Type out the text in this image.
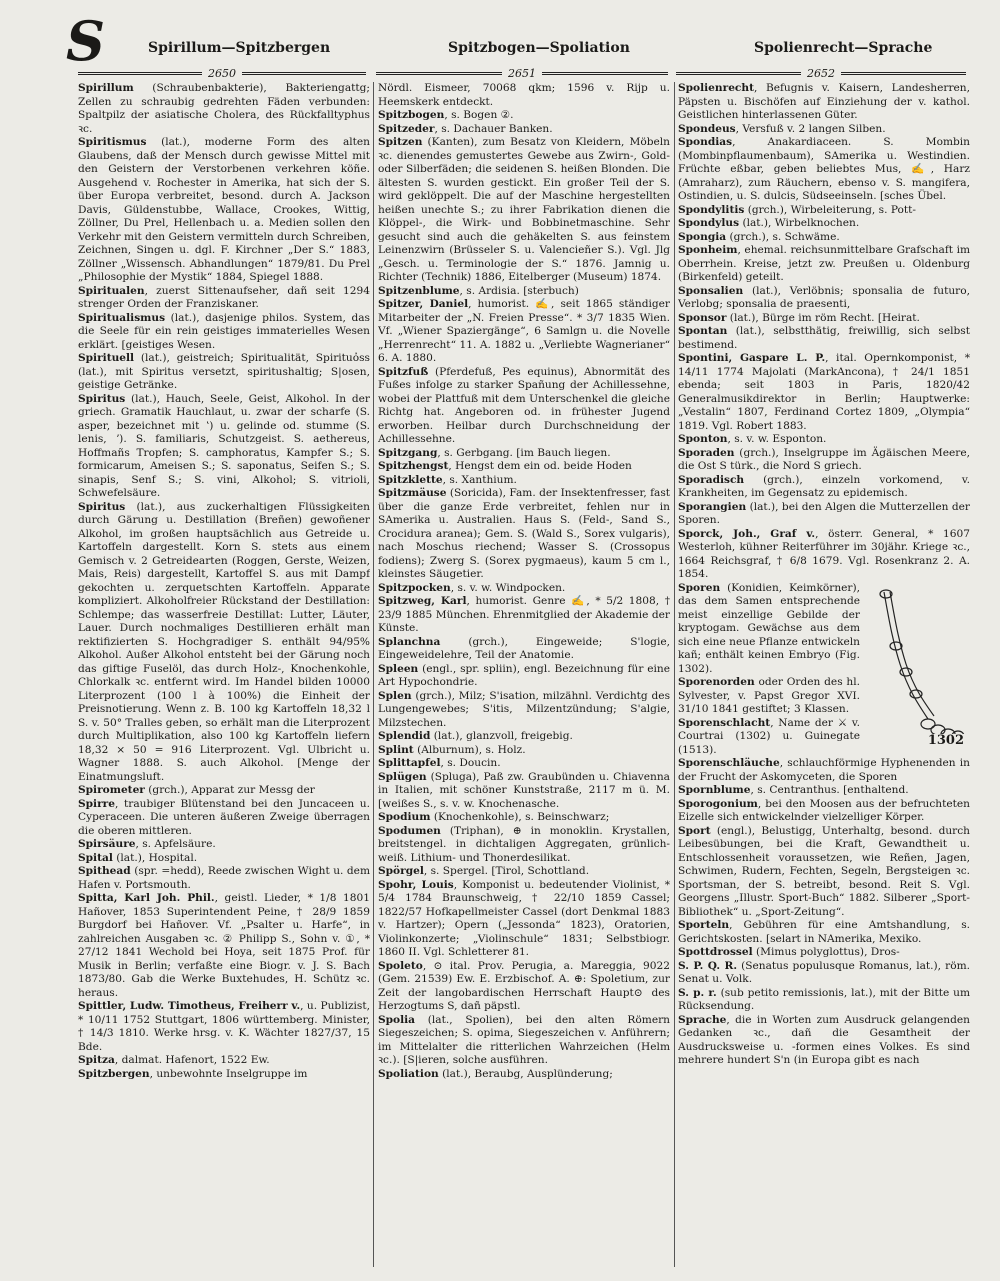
S	Spirillum—Spitzbergen	Spitzbogen—Spoliation	Spolienrecht—Sprache
2650	2651	2652

Spirillum (Schraubenbakterie), Bakteriengattg; Zellen zu schraubig gedrehten Fäden verbunden: Spaltpilz der asiatische Cholera, des Rückfalltyphus ꝛc.

Spiritismus (lat.), moderne Form des alten Glaubens, daß der Mensch durch gewisse Mittel mit den Geistern der Verstorbenen verkehren köñe. Ausgehend v. Rochester in Amerika, hat sich der S. über Europa verbreitet, besond. durch A. Jackson Davis, Güldenstubbe, Wallace, Crookes, Wittig, Zöllner, Du Prel, Hellenbach u. a. Medien sollen den Verkehr mit den Geistern vermitteln durch Schreiben, Zeichnen, Singen u. dgl. F. Kirchner „Der S.“ 1883, Zöllner „Wissensch. Abhandlungen“ 1879/81. Du Prel „Philosophie der Mystik“ 1884, Spiegel 1888.

Spiritualen, zuerst Sittenaufseher, dañ seit 1294 strenger Orden der Franziskaner.

Spiritualismus (lat.), dasjenige philos. System, das die Seele für ein rein geistiges immaterielles Wesen erklärt. [geistiges Wesen.

Spirituell (lat.), geistreich; Spiritualität, Spirituo̓ss (lat.), mit Spiritus versetzt, spiritushaltig; S|osen, geistige Getränke.

Spiritus (lat.), Hauch, Seele, Geist, Alkohol. In der griech. Gramatik Hauchlaut, u. zwar der scharfe (S. asper, bezeichnet mit ʽ) u. gelinde od. stumme (S. lenis, ʼ). S. familiaris, Schutzgeist. S. aethereus, Hoffmañs Tropfen; S. camphoratus, Kampfer S.; S. formicarum, Ameisen S.; S. saponatus, Seifen S.; S. sinapis, Senf S.; S. vini, Alkohol; S. vitrioli, Schwefelsäure.

Spiritus (lat.), aus zuckerhaltigen Flüssigkeiten durch Gärung u. Destillation (Breñen) gewoñener Alkohol, im großen hauptsächlich aus Getreide u. Kartoffeln dargestellt. Korn S. stets aus einem Gemisch v. 2 Getreidearten (Roggen, Gerste, Weizen, Mais, Reis) dargestellt, Kartoffel S. aus mit Dampf gekochten u. zerquetschten Kartoffeln. Apparate kompliziert. Alkoholfreier Rückstand der Destillation: Schlempe; das wasserfreie Destillat: Lutter, Läuter, Lauer. Durch nochmaliges Destillieren erhält man rektifizierten S. Hochgradiger S. enthält 94/95% Alkohol. Außer Alkohol entsteht bei der Gärung noch das giftige Fuselöl, das durch Holz-, Knochenkohle, Chlorkalk ꝛc. entfernt wird. Im Handel bilden 10000 Literprozent (100 l à 100%) die Einheit der Preisnotierung. Wenn z. B. 100 kg Kartoffeln 18,32 l S. v. 50° Tralles geben, so erhält man die Literprozent durch Multiplikation, also 100 kg Kartoffeln liefern 18,32 × 50 = 916 Literprozent. Vgl. Ulbricht u. Wagner 1888. S. auch Alkohol. [Menge der Einatmungsluft.

Spirometer (grch.), Apparat zur Messg der

Spirre, traubiger Blütenstand bei den Juncaceen u. Cyperaceen. Die unteren äußeren Zweige überragen die oberen mittleren.

Spirsäure, s. Apfelsäure.

Spital (lat.), Hospital.

Spithead (spr. =hedd), Reede zwischen Wight u. dem Hafen v. Portsmouth.

Spitta, Karl Joh. Phil., geistl. Lieder, * 1/8 1801 Hañover, 1853 Superintendent Peine, † 28/9 1859 Burgdorf bei Hañover. Vf. „Psalter u. Harfe“, in zahlreichen Ausgaben ꝛc. ② Philipp S., Sohn v. ①, * 27/12 1841 Wechold bei Hoya, seit 1875 Prof. für Musik in Berlin; verfaßte eine Biogr. v. J. S. Bach 1873/80. Gab die Werke Buxtehudes, H. Schütz ꝛc. heraus.

Spittler, Ludw. Timotheus, Freiherr v., u. Publizist, * 10/11 1752 Stuttgart, 1806 württemberg. Minister, † 14/3 1810. Werke hrsg. v. K. Wächter 1827/37, 15 Bde.

Spitza, dalmat. Hafenort, 1522 Ew.

Spitzbergen, unbewohnte Inselgruppe im

Nördl. Eismeer, 70068 qkm; 1596 v. Rijp u. Heemskerk entdeckt.

Spitzbogen, s. Bogen ②.

Spitzeder, s. Dachauer Banken.

Spitzen (Kanten), zum Besatz von Kleidern, Möbeln ꝛc. dienendes gemustertes Gewebe aus Zwirn-, Gold- oder Silberfäden; die seidenen S. heißen Blonden. Die ältesten S. wurden gestickt. Ein großer Teil der S. wird geklöppelt. Die auf der Maschine hergestellten heißen unechte S.; zu ihrer Fabrikation dienen die Klöppel-, die Wirk- und Bobbinetmaschine. Sehr gesucht sind auch die gehäkelten S. aus feinstem Leinenzwirn (Brüsseler S. u. Valencieñer S.). Vgl. Jlg „Gesch. u. Terminologie der S.“ 1876. Jamnig u. Richter (Technik) 1886, Eitelberger (Museum) 1874.

Spitzenblume, s. Ardisia. [sterbuch)

Spitzer, Daniel, humorist. ✍, seit 1865 ständiger Mitarbeiter der „N. Freien Presse“. * 3/7 1835 Wien. Vf. „Wiener Spaziergänge“, 6 Samlgn u. die Novelle „Herrenrecht“ 11. A. 1882 u. „Verliebte Wagnerianer“ 6. A. 1880.

Spitzfuß (Pferdefuß, Pes equinus), Abnormität des Fußes infolge zu starker Spañung der Achillessehne, wobei der Plattfuß mit dem Unterschenkel die gleiche Richtg hat. Angeboren od. in frühester Jugend erworben. Heilbar durch Durchschneidung der Achillessehne.

Spitzgang, s. Gerbgang. [im Bauch liegen.

Spitzhengst, Hengst dem ein od. beide Hoden

Spitzklette, s. Xanthium.

Spitzmäuse (Soricida), Fam. der Insektenfresser, fast über die ganze Erde verbreitet, fehlen nur in SAmerika u. Australien. Haus S. (Feld-, Sand S., Crocidura aranea); Gem. S. (Wald S., Sorex vulgaris), nach Moschus riechend; Wasser S. (Crossopus fodiens); Zwerg S. (Sorex pygmaeus), kaum 5 cm l., kleinstes Säugetier.

Spitzpocken, s. v. w. Windpocken.

Spitzweg, Karl, humorist. Genre ✍, * 5/2 1808, † 23/9 1885 München. Ehrenmitglied der Akademie der Künste.

Splanchna (grch.), Eingeweide; S'logie, Eingeweidelehre, Teil der Anatomie.

Spleen (engl., spr. spliin), engl. Bezeichnung für eine Art Hypochondrie.

Splen (grch.), Milz; S'isation, milzähnl. Verdichtg des Lungengewebes; S'itis, Milzentzündung; S'algie, Milzstechen.

Splendid (lat.), glanzvoll, freigebig.

Splint (Alburnum), s. Holz.

Splittapfel, s. Doucin.

Splügen (Spluga), Paß zw. Graubünden u. Chiavenna in Italien, mit schöner Kunststraße, 2117 m ü. M. [weißes S., s. v. w. Knochenasche.

Spodium (Knochenkohle), s. Beinschwarz;

Spodumen (Triphan), ⊕ in monoklin. Krystallen, breitstengel. in dichtaligen Aggregaten, grünlich-weiß. Lithium- und Thonerdesilikat.

Spörgel, s. Spergel. [Tirol, Schottland.

Spohr, Louis, Komponist u. bedeutender Violinist, * 5/4 1784 Braunschweig, † 22/10 1859 Cassel; 1822/57 Hofkapellmeister Cassel (dort Denkmal 1883 v. Hartzer); Opern („Jessonda“ 1823), Oratorien, Violinkonzerte; „Violinschule“ 1831; Selbstbiogr. 1860 II. Vgl. Schletterer 81.

Spoleto, ⊙ ital. Prov. Perugia, a. Mareggia, 9022 (Gem. 21539) Ew. E. Erzbischof. A. ⊕: Spoletium, zur Zeit der langobardischen Herrschaft Haupt⊙ des Herzogtums S, dañ päpstl.

Spolia (lat., Spolien), bei den alten Römern Siegeszeichen; S. opima, Siegeszeichen v. Anführern; im Mittelalter die ritterlichen Wahrzeichen (Helm ꝛc.). [S|ieren, solche ausführen.

Spoliation (lat.), Beraubg, Ausplünderung;

Spolienrecht, Befugnis v. Kaisern, Landesherren, Päpsten u. Bischöfen auf Einziehung der v. kathol. Geistlichen hinterlassenen Güter.

Spondeus, Versfuß v. 2 langen Silben.

Spondias, Anakardiaceen. S. Mombin (Mombinpflaumenbaum), SAmerika u. Westindien. Früchte eßbar, geben beliebtes Mus, ✍, Harz (Amraharz), zum Räuchern, ebenso v. S. mangifera, Ostindien, u. S. dulcis, Südseeinseln. [sches Übel.

Spondylitis (grch.), Wirbeleiterung, s. Pott-

Spondylus (lat.), Wirbelknochen.

Spongia (grch.), s. Schwäme.

Sponheim, ehemal. reichsunmittelbare Grafschaft im Oberrhein. Kreise, jetzt zw. Preußen u. Oldenburg (Birkenfeld) geteilt.

Sponsalien (lat.), Verlöbnis; sponsalia de futuro, Verlobg; sponsalia de praesenti,

Sponsor (lat.), Bürge im röm Recht. [Heirat.

Spontan (lat.), selbstthätig, freiwillig, sich selbst bestimend.

Spontini, Gaspare L. P., ital. Opernkomponist, * 14/11 1774 Majolati (MarkAncona), † 24/1 1851 ebenda; seit 1803 in Paris, 1820/42 Generalmusikdirektor in Berlin; Hauptwerke: „Vestalin“ 1807, Ferdinand Cortez 1809, „Olympia“ 1819. Vgl. Robert 1883.

Sponton, s. v. w. Esponton.

Sporaden (grch.), Inselgruppe im Ägäischen Meere, die Ost S türk., die Nord S griech.

Sporadisch (grch.), einzeln vorkomend, v. Krankheiten, im Gegensatz zu epidemisch.

Sporangien (lat.), bei den Algen die Mutterzellen der Sporen.

Sporck, Joh., Graf v., österr. General, * 1607 Westerloh, kühner Reiterführer im 30jähr. Kriege ꝛc., 1664 Reichsgraf, † 6/8 1679. Vgl. Rosenkranz 2. A. 1854.

1302
Sporen (Konidien, Keimkörner), das dem Samen entsprechende meist einzellige Gebilde der kryptogam. Gewächse aus dem sich eine neue Pflanze entwickeln kañ; enthält keinen Embryo (Fig. 1302).

Sporenorden oder Orden des hl. Sylvester, v. Papst Gregor XVI. 31/10 1841 gestiftet; 3 Klassen.

Sporenschlacht, Name der ⚔ v. Courtrai (1302) u. Guinegate (1513).

Sporenschläuche, schlauchförmige Hyphenenden in der Frucht der Askomyceten, die Sporen

Spornblume, s. Centranthus. [enthaltend.

Sporogonium, bei den Moosen aus der befruchteten Eizelle sich entwickelnder vielzelliger Körper.

Sport (engl.), Belustigg, Unterhaltg, besond. durch Leibesübungen, bei die Kraft, Gewandtheit u. Entschlossenheit voraussetzen, wie Reñen, Jagen, Schwimen, Rudern, Fechten, Segeln, Bergsteigen ꝛc. Sportsman, der S. betreibt, besond. Reit S. Vgl. Georgens „Illustr. Sport-Buch“ 1882. Silberer „Sport-Bibliothek“ u. „Sport-Zeitung“.

Sporteln, Gebühren für eine Amtshandlung, s. Gerichtskosten. [selart in NAmerika, Mexiko.

Spottdrossel (Mimus polyglottus), Dros-

S. P. Q. R. (Senatus populusque Romanus, lat.), röm. Senat u. Volk.

S. p. r. (sub petito remissionis, lat.), mit der Bitte um Rücksendung.

Sprache, die in Worten zum Ausdruck gelangenden Gedanken ꝛc., dañ die Gesamtheit der Ausdrucksweise u. -formen eines Volkes. Es sind mehrere hundert S'n (in Europa gibt es nach
